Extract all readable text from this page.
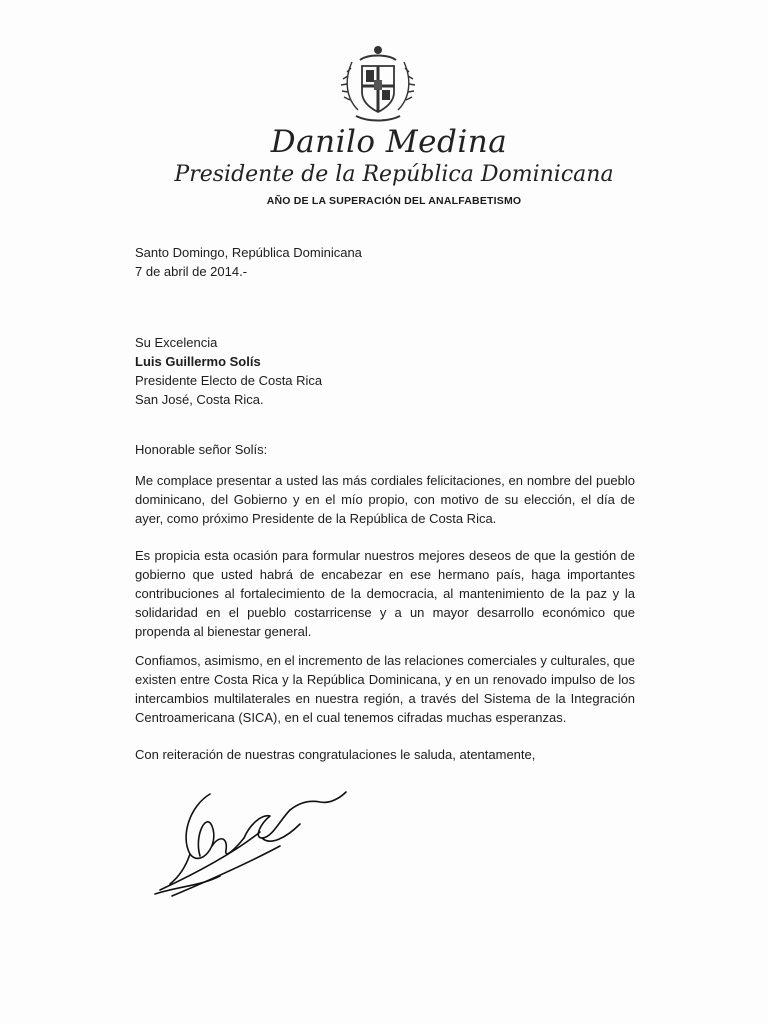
Danilo Medina
Presidente de la República Dominicana
AÑO DE LA SUPERACIÓN DEL ANALFABETISMO
Santo Domingo, República Dominicana
7 de abril de 2014.-
Su Excelencia
Luis Guillermo Solís
Presidente Electo de Costa Rica
San José, Costa Rica.

Honorable señor Solís:

Me complace presentar a usted las más cordiales felicitaciones, en nombre del pueblo dominicano, del Gobierno y en el mío propio, con motivo de su elección, el día de ayer, como próximo Presidente de la República de Costa Rica.

Es propicia esta ocasión para formular nuestros mejores deseos de que la gestión de gobierno que usted habrá de encabezar en ese hermano país, haga importantes contribuciones al fortalecimiento de la democracia, al mantenimiento de la paz y la solidaridad en el pueblo costarricense y a un mayor desarrollo económico que propenda al bienestar general.

Confiamos, asimismo, en el incremento de las relaciones comerciales y culturales, que existen entre Costa Rica y la República Dominicana, y en un renovado impulso de los intercambios multilaterales en nuestra región, a través del Sistema de la Integración Centroamericana (SICA), en el cual tenemos cifradas muchas esperanzas.

Con reiteración de nuestras congratulaciones le saluda, atentamente,
